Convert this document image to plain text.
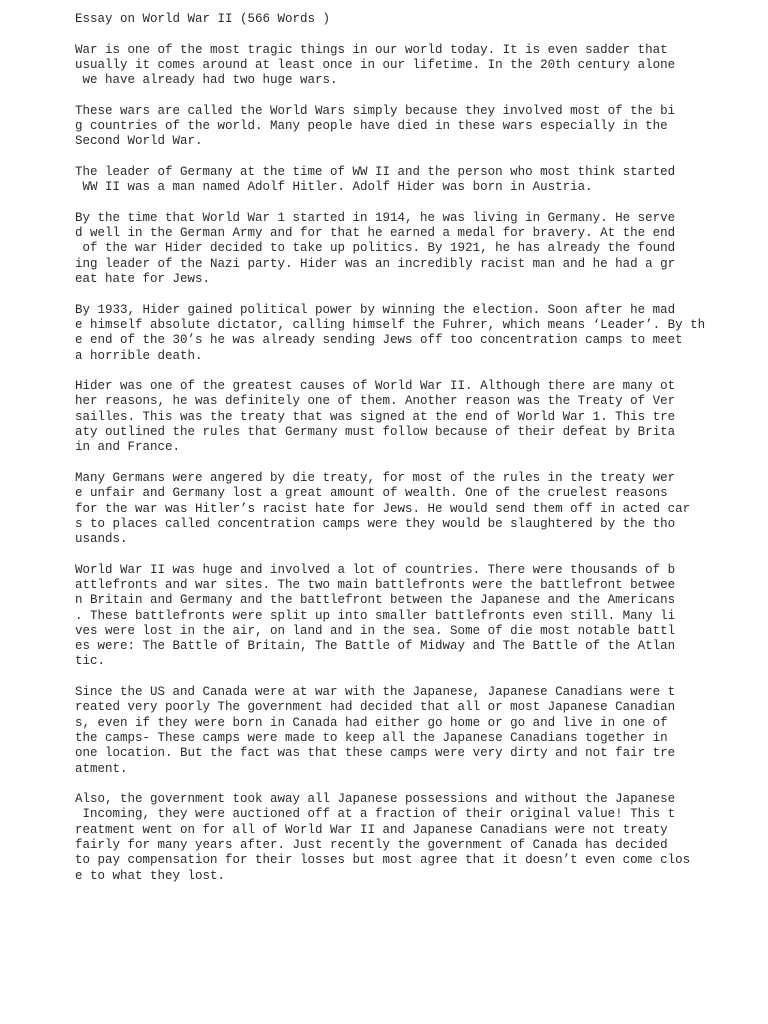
Essay on World War II (566 Words )
War is one of the most tragic things in our world today. It is even sadder that
usually it comes around at least once in our lifetime. In the 20th century alone
we have already had two huge wars.
These wars are called the World Wars simply because they involved most of the bi
g countries of the world. Many people have died in these wars especially in the
Second World War.
The leader of Germany at the time of WW II and the person who most think started
WW II was a man named Adolf Hitler. Adolf Hider was born in Austria.
By the time that World War 1 started in 1914, he was living in Germany. He serve
d well in the German Army and for that he earned a medal for bravery. At the end
of the war Hider decided to take up politics. By 1921, he has already the found
ing leader of the Nazi party. Hider was an incredibly racist man and he had a gr
eat hate for Jews.
By 1933, Hider gained political power by winning the election. Soon after he mad
e himself absolute dictator, calling himself the Fuhrer, which means ‘Leader’. By th
e end of the 30’s he was already sending Jews off too concentration camps to meet
a horrible death.
Hider was one of the greatest causes of World War II. Although there are many ot
her reasons, he was definitely one of them. Another reason was the Treaty of Ver
sailles. This was the treaty that was signed at the end of World War 1. This tre
aty outlined the rules that Germany must follow because of their defeat by Brita
in and France.
Many Germans were angered by die treaty, for most of the rules in the treaty wer
e unfair and Germany lost a great amount of wealth. One of the cruelest reasons
for the war was Hitler’s racist hate for Jews. He would send them off in acted car
s to places called concentration camps were they would be slaughtered by the tho
usands.
World War II was huge and involved a lot of countries. There were thousands of b
attlefronts and war sites. The two main battlefronts were the battlefront betwee
n Britain and Germany and the battlefront between the Japanese and the Americans
. These battlefronts were split up into smaller battlefronts even still. Many li
ves were lost in the air, on land and in the sea. Some of die most notable battl
es were: The Battle of Britain, The Battle of Midway and The Battle of the Atlan
tic.
Since the US and Canada were at war with the Japanese, Japanese Canadians were t
reated very poorly The government had decided that all or most Japanese Canadian
s, even if they were born in Canada had either go home or go and live in one of
the camps- These camps were made to keep all the Japanese Canadians together in
one location. But the fact was that these camps were very dirty and not fair tre
atment.
Also, the government took away all Japanese possessions and without the Japanese
Incoming, they were auctioned off at a fraction of their original value! This t
reatment went on for all of World War II and Japanese Canadians were not treaty
fairly for many years after. Just recently the government of Canada has decided
to pay compensation for their losses but most agree that it doesn’t even come clos
e to what they lost.
